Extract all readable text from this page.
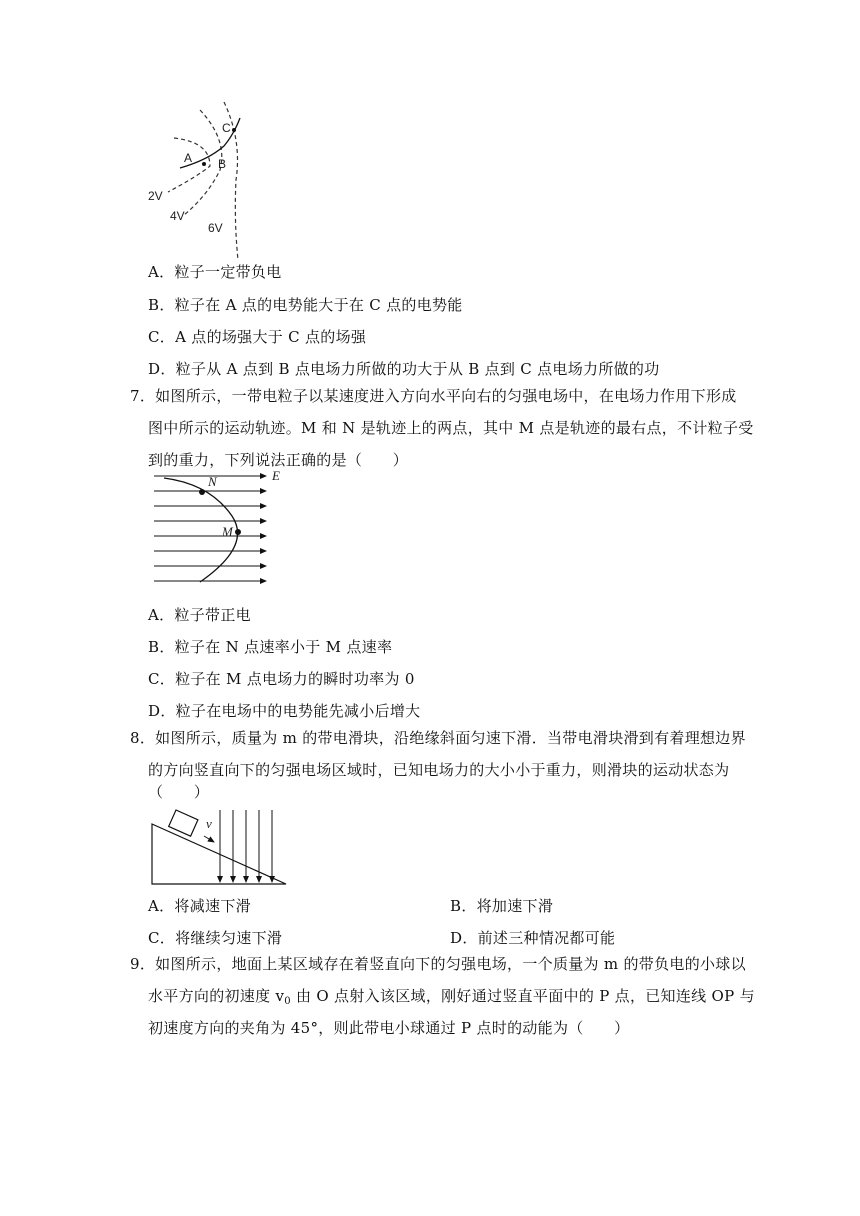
A B
C
2V
4V
6V
A．粒子一定带负电
B．粒子在 A 点的电势能大于在 C 点的电势能
C．A 点的场强大于 C 点的场强
D．粒子从 A 点到 B 点电场力所做的功大于从 B 点到 C 点电场力所做的功
7．如图所示，一带电粒子以某速度进入方向水平向右的匀强电场中，在电场力作用下形成
图中所示的运动轨迹。M 和 N 是轨迹上的两点，其中 M 点是轨迹的最右点，不计粒子受
到的重力，下列说法正确的是（　　）
N
M
E
A．粒子带正电
B．粒子在 N 点速率小于 M 点速率
C．粒子在 M 点电场力的瞬时功率为 0
D．粒子在电场中的电势能先减小后增大
8．如图所示，质量为 m 的带电滑块，沿绝缘斜面匀速下滑．当带电滑块滑到有着理想边界
的方向竖直向下的匀强电场区域时，已知电场力的大小小于重力，则滑块的运动状态为
（　　）
v
A．将减速下滑	B．将加速下滑
C．将继续匀速下滑	D．前述三种情况都可能
9．如图所示，地面上某区域存在着竖直向下的匀强电场，一个质量为 m 的带负电的小球以
水平方向的初速度 $v_0$ 由 O 点射入该区域，刚好通过竖直平面中的 P 点，已知连线 OP 与
初速度方向的夹角为 45°，则此带电小球通过 P 点时的动能为（　　）
